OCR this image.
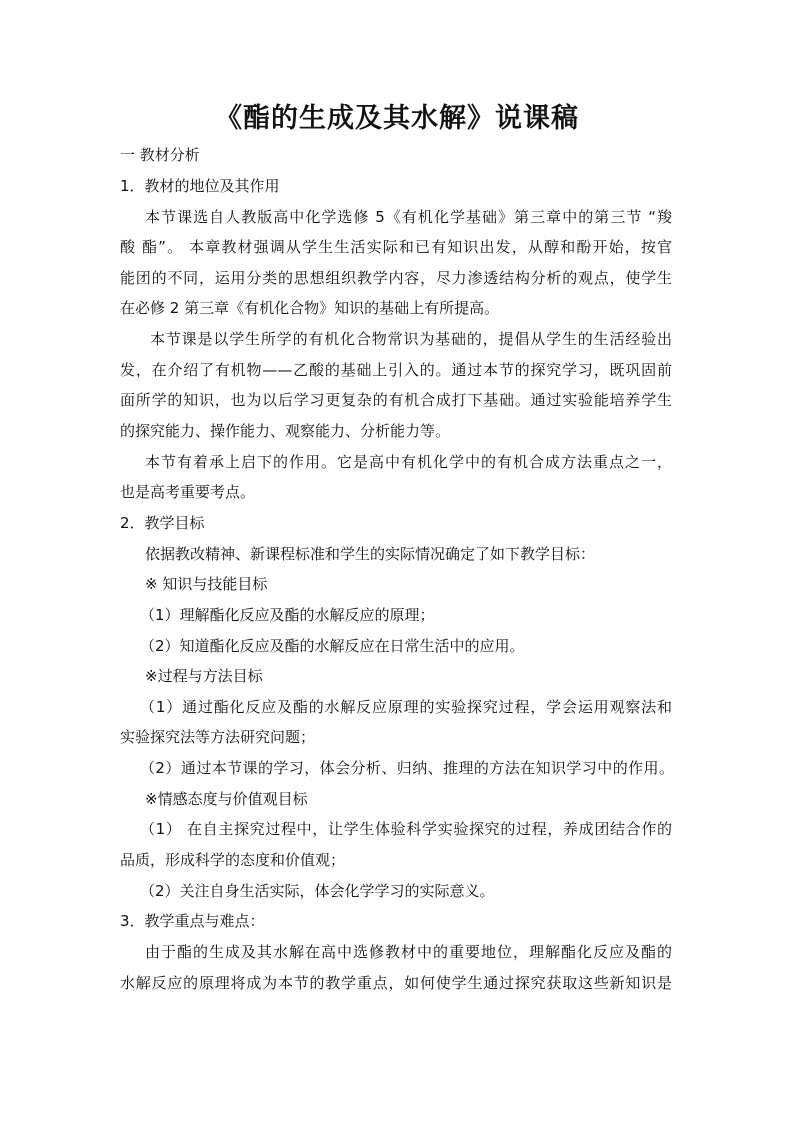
《酯的生成及其水解》说课稿
一 教材分析
1．教材的地位及其作用
本节课选自人教版高中化学选修 5《有机化学基础》第三章中的第三节 “羧
酸 酯”。 本章教材强调从学生生活实际和已有知识出发，从醇和酚开始，按官
能团的不同，运用分类的思想组织教学内容，尽力渗透结构分析的观点，使学生
在必修 2 第三章《有机化合物》知识的基础上有所提高。
本节课是以学生所学的有机化合物常识为基础的，提倡从学生的生活经验出
发，在介绍了有机物——乙酸的基础上引入的。通过本节的探究学习，既巩固前
面所学的知识，也为以后学习更复杂的有机合成打下基础。通过实验能培养学生
的探究能力、操作能力、观察能力、分析能力等。
本节有着承上启下的作用。它是高中有机化学中的有机合成方法重点之一，
也是高考重要考点。
2．教学目标
依据教改精神、新课程标准和学生的实际情况确定了如下教学目标：
※ 知识与技能目标
（1）理解酯化反应及酯的水解反应的原理；
（2）知道酯化反应及酯的水解反应在日常生活中的应用。
※过程与方法目标
（1）通过酯化反应及酯的水解反应原理的实验探究过程，学会运用观察法和
实验探究法等方法研究问题；
（2）通过本节课的学习，体会分析、归纳、推理的方法在知识学习中的作用。
※情感态度与价值观目标
（1） 在自主探究过程中，让学生体验科学实验探究的过程，养成团结合作的
品质，形成科学的态度和价值观；
（2）关注自身生活实际，体会化学学习的实际意义。
3．教学重点与难点：
由于酯的生成及其水解在高中选修教材中的重要地位，理解酯化反应及酯的
水解反应的原理将成为本节的教学重点，如何使学生通过探究获取这些新知识是
